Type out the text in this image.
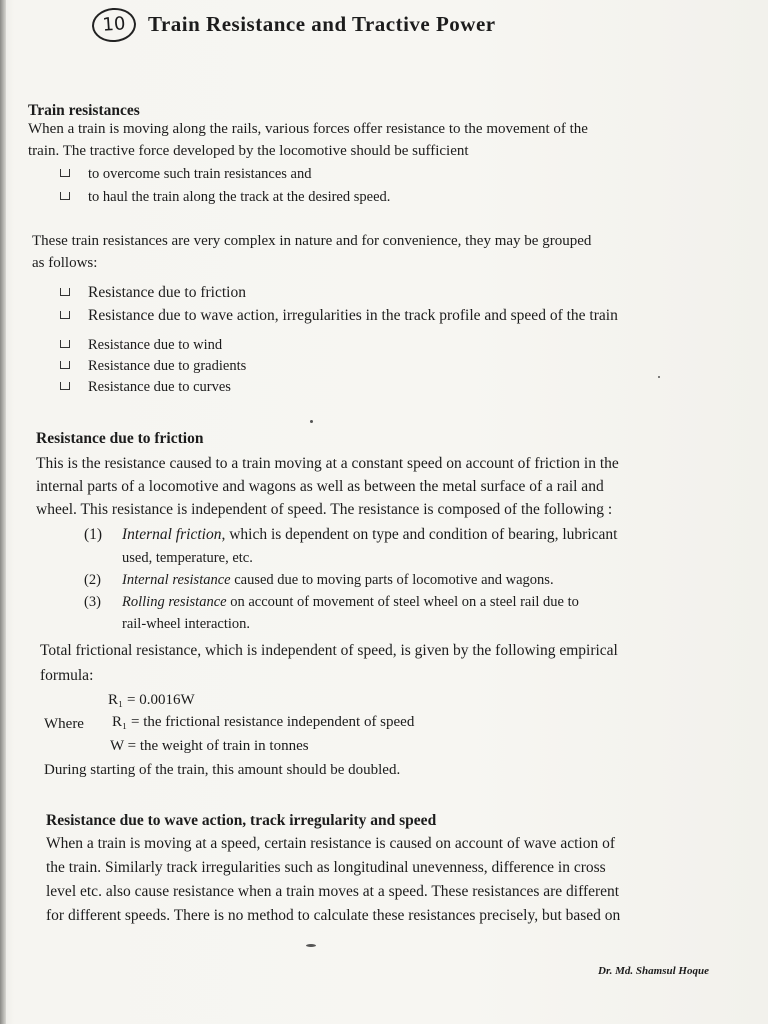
10	Train Resistance and Tractive Power
Train resistances

When a train is moving along the rails, various forces offer resistance to the movement of the

train. The tractive force developed by the locomotive should be sufficient

to overcome such train resistances and
to haul the train along the track at the desired speed.

These train resistances are very complex in nature and for convenience, they may be grouped

as follows:

Resistance due to friction
Resistance due to wave action, irregularities in the track profile and speed of the train
Resistance due to wind
Resistance due to gradients
Resistance due to curves
Resistance due to friction

This is the resistance caused to a train moving at a constant speed on account of friction in the

internal parts of a locomotive and wagons as well as between the metal surface of a rail and

wheel. This resistance is independent of speed. The resistance is composed of the following :

(1) Internal friction, which is dependent on type and condition of bearing, lubricant
used, temperature, etc.
(2) Internal resistance caused due to moving parts of locomotive and wagons.
(3) Rolling resistance on account of movement of steel wheel on a steel rail due to
rail-wheel interaction.

Total frictional resistance, which is independent of speed, is given by the following empirical

formula:

R₁ = 0.0016W
Where R₁ = the frictional resistance independent of speed
W = the weight of train in tonnes
During starting of the train, this amount should be doubled.
Resistance due to wave action, track irregularity and speed

When a train is moving at a speed, certain resistance is caused on account of wave action of

the train. Similarly track irregularities such as longitudinal unevenness, difference in cross

level etc. also cause resistance when a train moves at a speed. These resistances are different

for different speeds. There is no method to calculate these resistances precisely, but based on

Dr. Md. Shamsul Hoque
